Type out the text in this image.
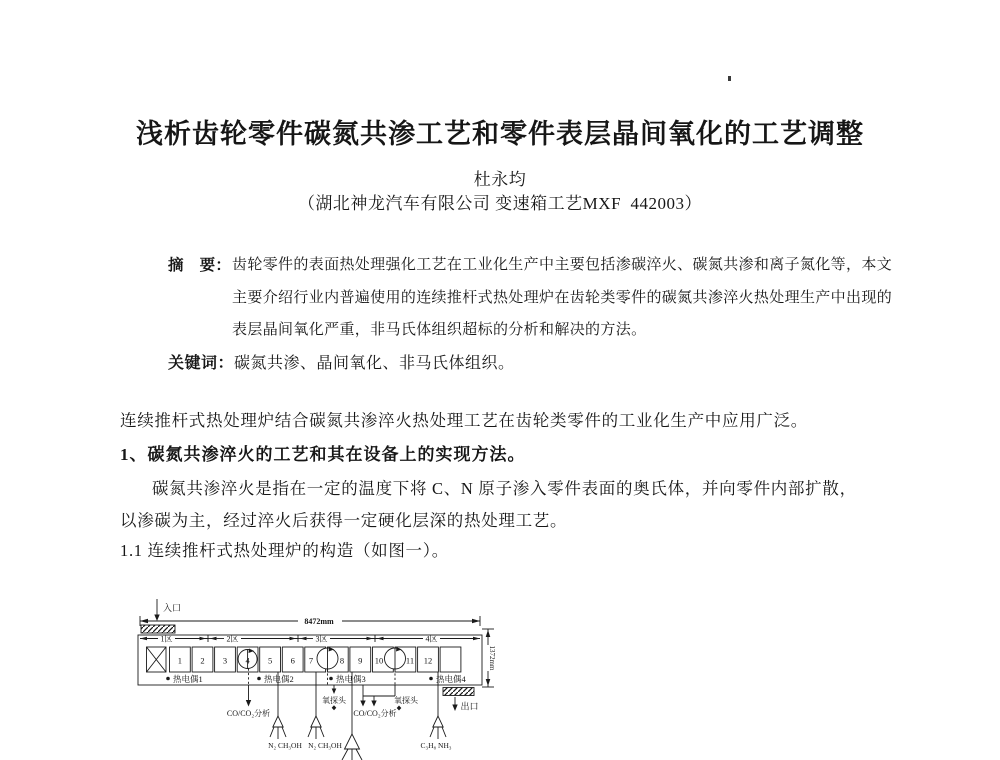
浅析齿轮零件碳氮共渗工艺和零件表层晶间氧化的工艺调整
杜永均
（湖北神龙汽车有限公司 变速箱工艺MXF  442003）
摘　要： 齿轮零件的表面热处理强化工艺在工业化生产中主要包括渗碳淬火、碳氮共渗和离子氮化等，本文
主要介绍行业内普遍使用的连续推杆式热处理炉在齿轮类零件的碳氮共渗淬火热处理生产中出现的
表层晶间氧化严重，非马氏体组织超标的分析和解决的方法。
关键词：碳氮共渗、晶间氧化、非马氏体组织。
连续推杆式热处理炉结合碳氮共渗淬火热处理工艺在齿轮类零件的工业化生产中应用广泛。
1、碳氮共渗淬火的工艺和其在设备上的实现方法。
碳氮共渗淬火是指在一定的温度下将 C、N 原子渗入零件表面的奥氏体，并向零件内部扩散，
以渗碳为主，经过淬火后获得一定硬化层深的热处理工艺。
1.1 连续推杆式热处理炉的构造（如图一）。
入口
8472mm
1区	2区	3区	4区
1 2 3 4 5 6 7	8 9 10	11 12
热电偶1	热电偶2	热电偶3	热电偶4
1372mm
出口
CO/CO₂分析
N₂ CH₃OH N₂ CH₃OH
氧探头
CO/CO₂分析
氧探头
C₃H₈ NH₃
